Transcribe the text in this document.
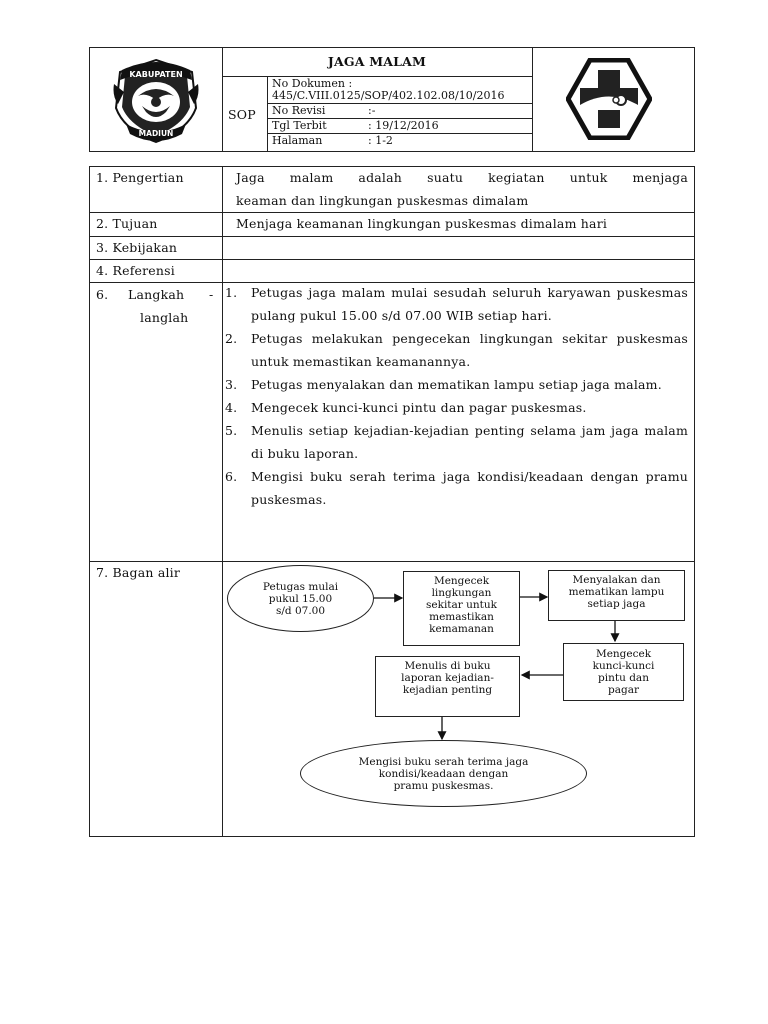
KABUPATEN
MADIUN
JAGA MALAM
SOP
No Dokumen :
445/C.VIII.0125/SOP/402.102.08/10/2016
No Revisi	:-
Tgl Terbit	: 19/12/2016
Halaman	: 1-2
1. Pengertian	Jaga malam adalah suatu kegiatan untuk menjaga
keaman dan lingkungan puskesmas dimalam
2. Tujuan	Menjaga keamanan lingkungan puskesmas dimalam hari
3. Kebijakan
4. Referensi
6. Langkah -
langlah
1. Petugas jaga malam mulai sesudah seluruh karyawan puskesmas pulang pukul 15.00 s/d 07.00 WIB setiap hari.
2. Petugas melakukan pengecekan lingkungan sekitar puskesmas untuk memastikan keamanannya.
3. Petugas menyalakan dan mematikan lampu setiap jaga malam.
4. Mengecek kunci-kunci pintu dan pagar puskesmas.
5. Menulis setiap kejadian-kejadian penting selama jam jaga malam di buku laporan.
6. Mengisi buku serah terima jaga kondisi/keadaan dengan pramu puskesmas.
7. Bagan alir
Petugas mulai
pukul 15.00
s/d 07.00
Mengecek
lingkungan
sekitar untuk
memastikan
kemamanan
Menyalakan dan
mematikan lampu
setiap jaga
Mengecek
kunci-kunci
pintu dan
pagar
Menulis di buku
laporan kejadian-
kejadian penting
Mengisi buku serah terima jaga
kondisi/keadaan dengan
pramu puskesmas.
